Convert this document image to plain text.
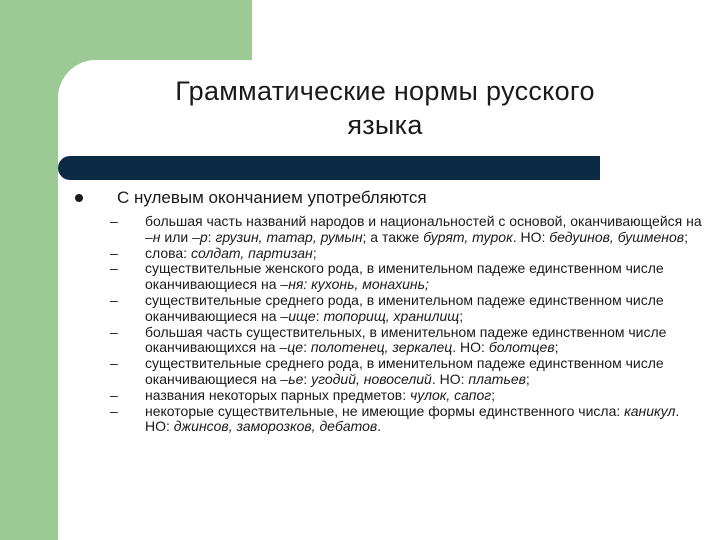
Грамматические нормы русского
языка
С нулевым окончанием употребляются
–	большая часть названий народов и национальностей с основой, оканчивающейся на –н или –р: грузин, татар, румын; а также бурят, турок. НО: бедуинов, бушменов;
–	слова: солдат, партизан;
–	существительные женского рода, в именительном падеже единственном числе оканчивающиеся на –ня: кухонь, монахинь;
–	существительные среднего рода, в именительном падеже единственном числе оканчивающиеся на –ище: топорищ, хранилищ;
–	большая часть существительных, в именительном падеже единственном числе оканчивающихся на –це: полотенец, зеркалец. НО: болотцев;
–	существительные среднего рода, в именительном падеже единственном числе оканчивающиеся на –ье: угодий, новоселий. НО: платьев;
–	названия некоторых парных предметов: чулок, сапог;
–	некоторые существительные, не имеющие формы единственного числа: каникул. НО: джинсов, заморозков, дебатов.
